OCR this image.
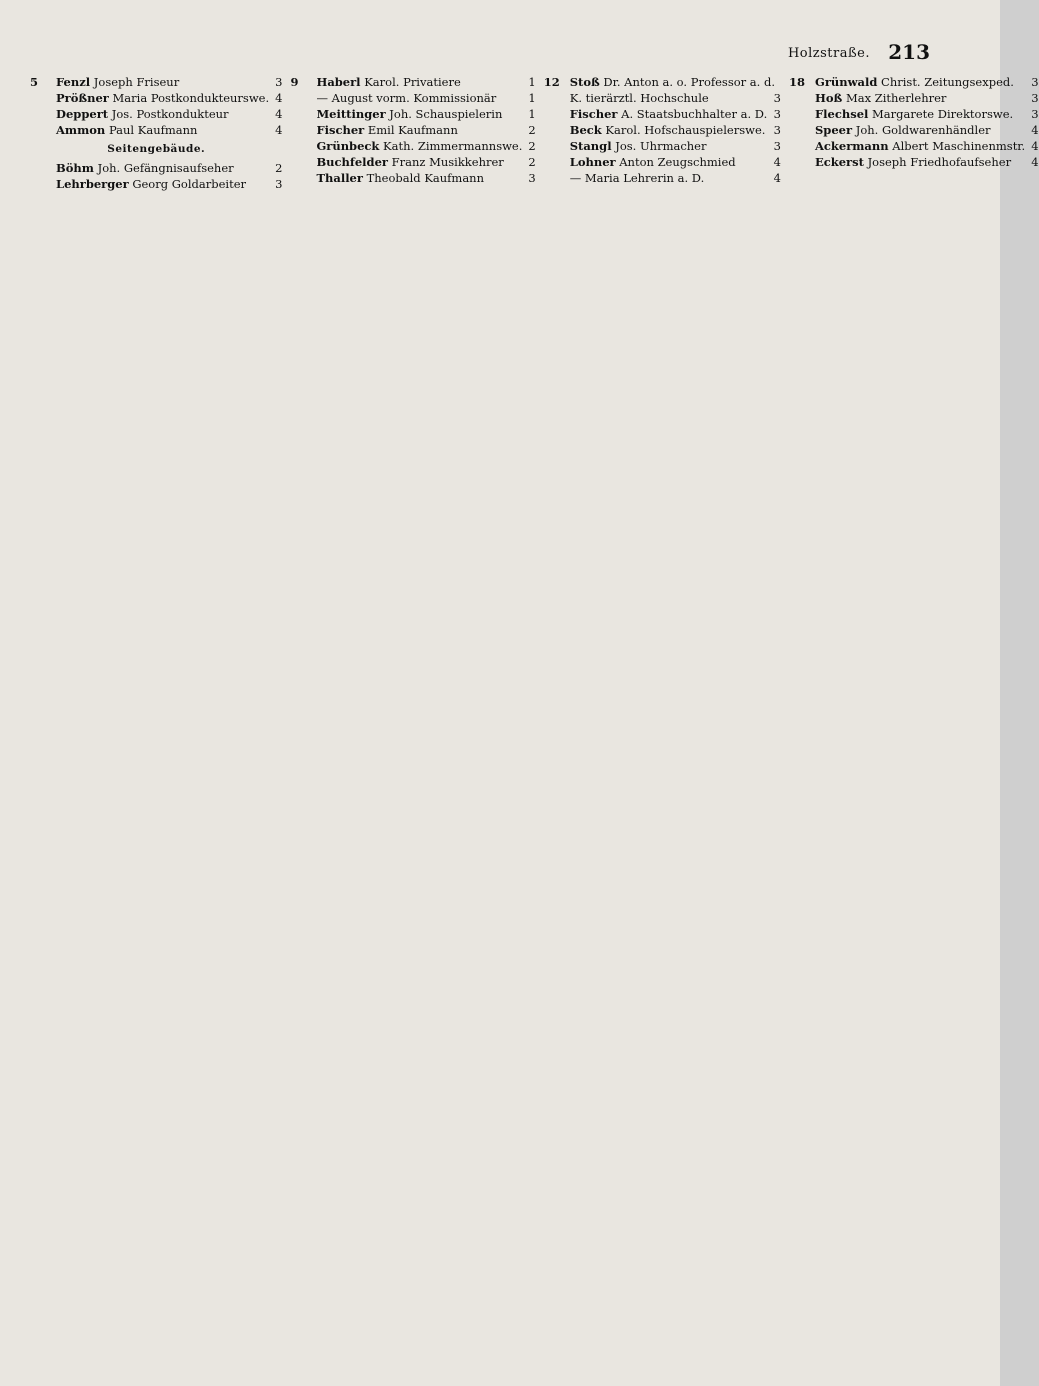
Holzstraße. 213
5	Fenzl Joseph Friseur	3
Prößner Maria Postkondukteurswe. 4
Deppert Jos. Postkondukteur	4
Ammon Paul Kaufmann	4
Seitengebäude.
Böhm Joh. Gefängnisaufseher	2
Lehrberger Georg Goldarbeiter	3
9	Haberl Karol. Privatiere	1
— August vorm. Kommissionär	1
Meittinger Joh. Schauspielerin	1
Fischer Emil Kaufmann	2
Grünbeck Kath. Zimmermannswe. 2
Buchfelder Franz Musikkehrer	2
Thaller Theobald Kaufmann	3
12 Stoß Dr. Anton a. o. Professor a. d.
K. tierärztl. Hochschule	3
Fischer A. Staatsbuchhalter a. D. 3
Beck Karol. Hofschauspielerswe. 3
Stangl Jos. Uhrmacher	3
Lohner Anton Zeugschmied	4
— Maria Lehrerin a. D.	4
18 Grünwald Christ. Zeitungsexped.	3
Hoß Max Zitherlehrer	3
Flechsel Margarete Direktorswe.	3
Speer Joh. Goldwarenhändler	4
Ackermann Albert Maschinenmstr. 4
Eckerst Joseph Friedhofaufseher	4
